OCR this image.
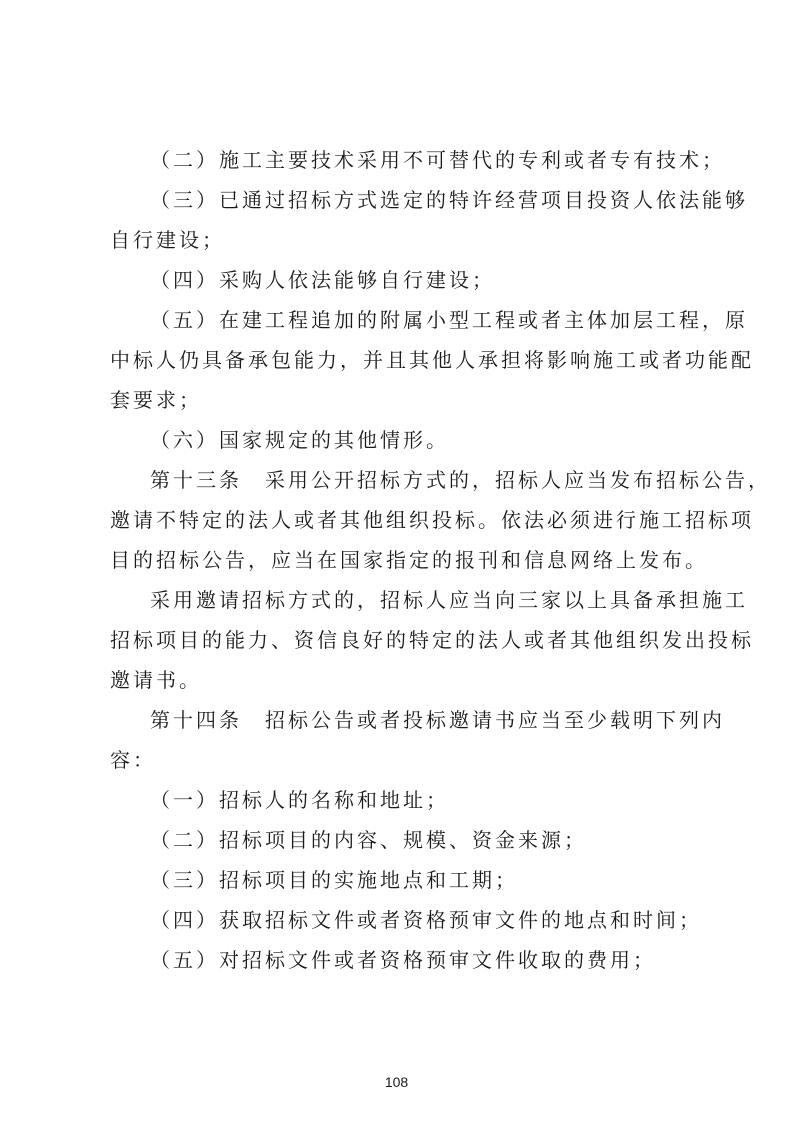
（二）施工主要技术采用不可替代的专利或者专有技术；
（三）已通过招标方式选定的特许经营项目投资人依法能够
自行建设；
（四）采购人依法能够自行建设；
（五）在建工程追加的附属小型工程或者主体加层工程，原
中标人仍具备承包能力，并且其他人承担将影响施工或者功能配
套要求；
（六）国家规定的其他情形。
第十三条　采用公开招标方式的，招标人应当发布招标公告，
邀请不特定的法人或者其他组织投标。依法必须进行施工招标项
目的招标公告，应当在国家指定的报刊和信息网络上发布。
采用邀请招标方式的，招标人应当向三家以上具备承担施工
招标项目的能力、资信良好的特定的法人或者其他组织发出投标
邀请书。
第十四条　招标公告或者投标邀请书应当至少载明下列内
容：
（一）招标人的名称和地址；
（二）招标项目的内容、规模、资金来源；
（三）招标项目的实施地点和工期；
（四）获取招标文件或者资格预审文件的地点和时间；
（五）对招标文件或者资格预审文件收取的费用；
108
